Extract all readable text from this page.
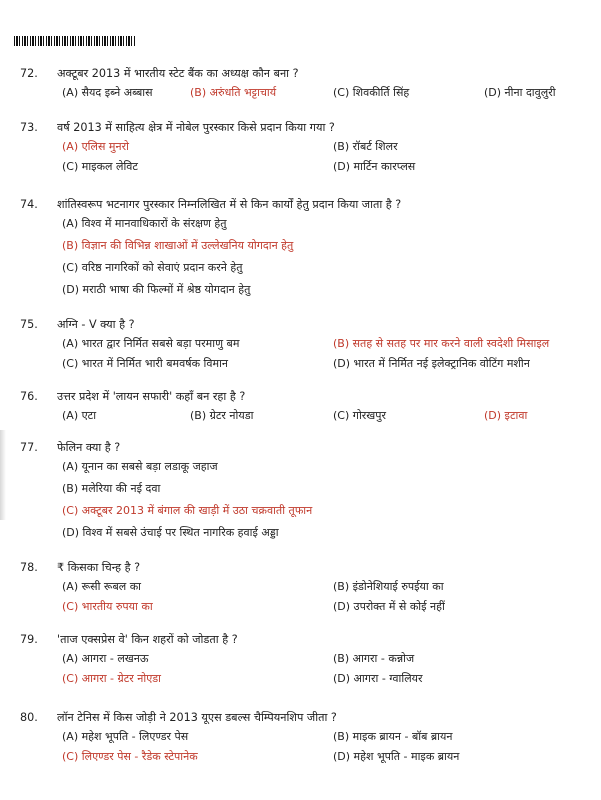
72.	अक्टूबर 2013 में भारतीय स्टेट बैंक का अध्यक्ष कौन बना ?
(A) सैयद इब्ने अब्बास	(B) अरुंधति भट्टाचार्य	(C) शिवकीर्ति सिंह	(D) नीना दावुलुरी
73.	वर्ष 2013 में साहित्य क्षेत्र में नोबेल पुरस्कार किसे प्रदान किया गया ?
(A) एलिस मुनरो	(B) रॉबर्ट शिलर
(C) माइकल लेविट	(D) मार्टिन कारप्लस
74.	शांतिस्वरूप भटनागर पुरस्कार निम्नलिखित में से किन कार्यों हेतु प्रदान किया जाता है ?
(A) विश्व में मानवाधिकारों के संरक्षण हेतु
(B) विज्ञान की विभिन्न शाखाओं में उल्लेखनिय योगदान हेतु
(C) वरिष्ठ नागरिकों को सेवाएं प्रदान करने हेतु
(D) मराठी भाषा की फिल्मों में श्रेष्ठ योगदान हेतु
75.	अग्नि - V क्या है ?
(A) भारत द्वार निर्मित सबसे बड़ा परमाणु बम	(B) सतह से सतह पर मार करने वाली स्वदेशी मिसाइल
(C) भारत में निर्मित भारी बमवर्षक विमान	(D) भारत में निर्मित नई इलेक्ट्रानिक वोटिंग मशीन
76.	उत्तर प्रदेश में 'लायन सफारी' कहाँ बन रहा है ?
(A) एटा	(B) ग्रेटर नोयडा	(C) गोरखपुर	(D) इटावा
77.	फेलिन क्या है ?
(A) यूनान का सबसे बड़ा लडाकू जहाज
(B) मलेरिया की नई दवा
(C) अक्टूबर 2013 में बंगाल की खाड़ी में उठा चक्रवाती तूफान
(D) विश्व में सबसे उंचाई पर स्थित नागरिक हवाई अड्डा
78.	₹ किसका चिन्ह है ?
(A) रूसी रूबल का	(B) इंडोनेशियाई रुपईया का
(C) भारतीय रुपया का	(D) उपरोक्त में से कोई नहीं
79.	'ताज एक्सप्रेस वे' किन शहरों को जोडता है ?
(A) आगरा - लखनऊ	(B) आगरा - कन्नोज
(C) आगरा - ग्रेटर नोएडा	(D) आगरा - ग्वालियर
80.	लॉन टेनिस में किस जोड़ी ने 2013 यूएस डबल्स चैम्पियनशिप जीता ?
(A) महेश भूपति - लिएण्डर पेस	(B) माइक ब्रायन - बॉब ब्रायन
(C) लिएण्डर पेस - रैडेक स्टेपानेक	(D) महेश भूपति - माइक ब्रायन
